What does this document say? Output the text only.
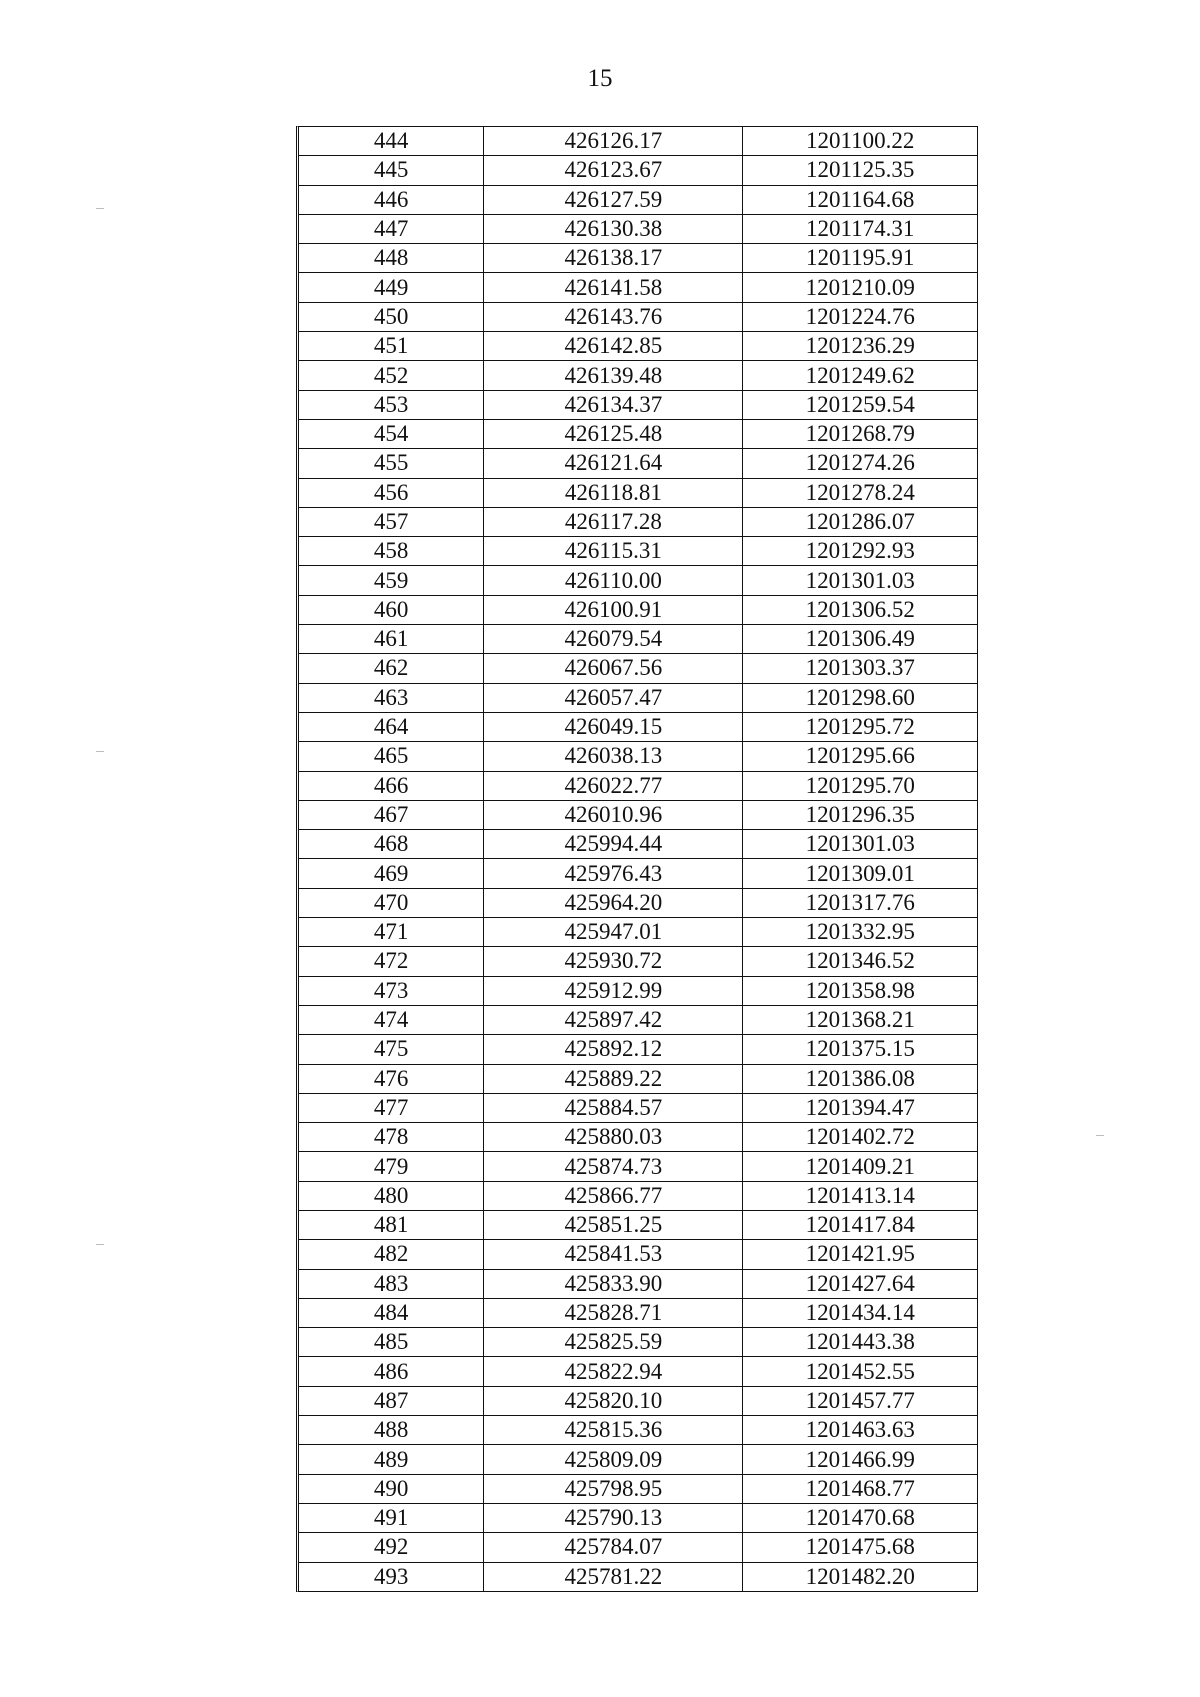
15
444	426126.17	1201100.22
445	426123.67	1201125.35
446	426127.59	1201164.68
447	426130.38	1201174.31
448	426138.17	1201195.91
449	426141.58	1201210.09
450	426143.76	1201224.76
451	426142.85	1201236.29
452	426139.48	1201249.62
453	426134.37	1201259.54
454	426125.48	1201268.79
455	426121.64	1201274.26
456	426118.81	1201278.24
457	426117.28	1201286.07
458	426115.31	1201292.93
459	426110.00	1201301.03
460	426100.91	1201306.52
461	426079.54	1201306.49
462	426067.56	1201303.37
463	426057.47	1201298.60
464	426049.15	1201295.72
465	426038.13	1201295.66
466	426022.77	1201295.70
467	426010.96	1201296.35
468	425994.44	1201301.03
469	425976.43	1201309.01
470	425964.20	1201317.76
471	425947.01	1201332.95
472	425930.72	1201346.52
473	425912.99	1201358.98
474	425897.42	1201368.21
475	425892.12	1201375.15
476	425889.22	1201386.08
477	425884.57	1201394.47
478	425880.03	1201402.72
479	425874.73	1201409.21
480	425866.77	1201413.14
481	425851.25	1201417.84
482	425841.53	1201421.95
483	425833.90	1201427.64
484	425828.71	1201434.14
485	425825.59	1201443.38
486	425822.94	1201452.55
487	425820.10	1201457.77
488	425815.36	1201463.63
489	425809.09	1201466.99
490	425798.95	1201468.77
491	425790.13	1201470.68
492	425784.07	1201475.68
493	425781.22	1201482.20
